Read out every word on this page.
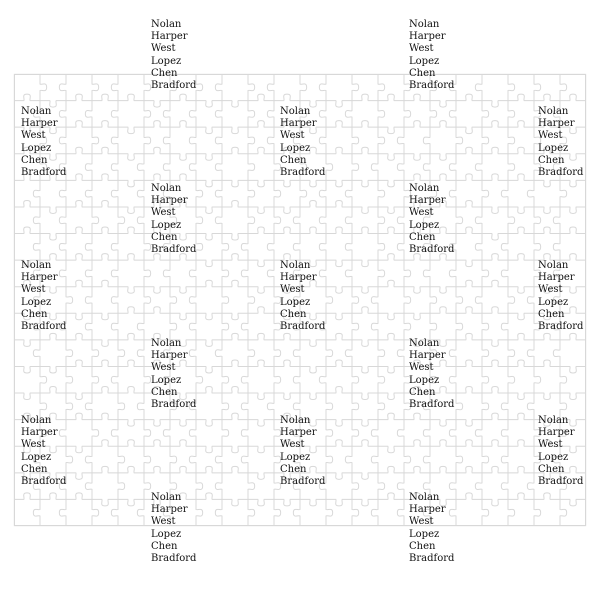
Nolan
Harper
West
Lopez
Chen
Bradford
Nolan
Harper
West
Lopez
Chen
Bradford
Nolan
Harper
West
Lopez
Chen
Bradford
Nolan
Harper
West
Lopez
Chen
Bradford
Nolan
Harper
West
Lopez
Chen
Bradford
Nolan
Harper
West
Lopez
Chen
Bradford
Nolan
Harper
West
Lopez
Chen
Bradford
Nolan
Harper
West
Lopez
Chen
Bradford
Nolan
Harper
West
Lopez
Chen
Bradford
Nolan
Harper
West
Lopez
Chen
Bradford
Nolan
Harper
West
Lopez
Chen
Bradford
Nolan
Harper
West
Lopez
Chen
Bradford
Nolan
Harper
West
Lopez
Chen
Bradford
Nolan
Harper
West
Lopez
Chen
Bradford
Nolan
Harper
West
Lopez
Chen
Bradford
Nolan
Harper
West
Lopez
Chen
Bradford
Nolan
Harper
West
Lopez
Chen
Bradford
